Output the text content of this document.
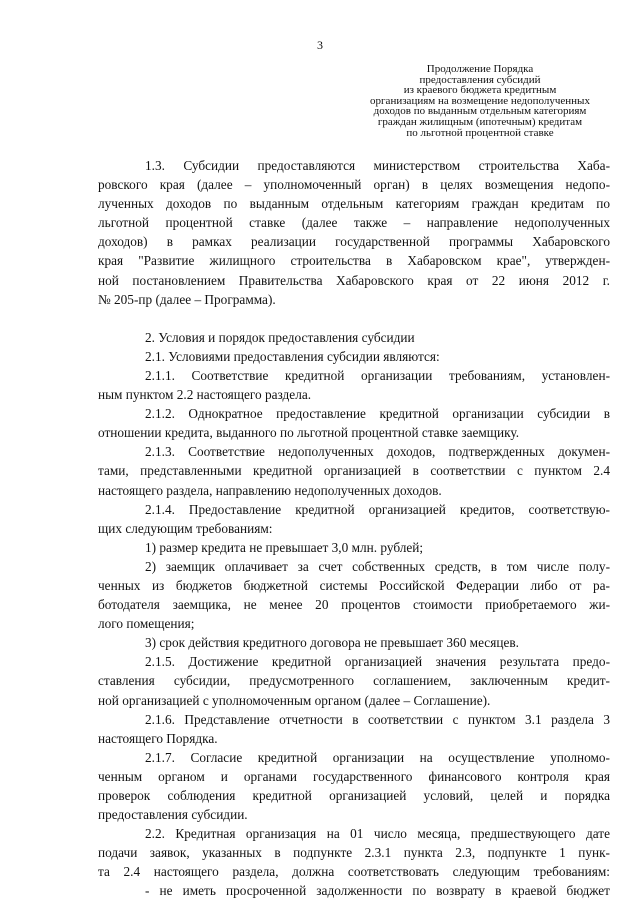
3
Продолжение Порядка
предоставления субсидий
из краевого бюджета кредитным
организациям на возмещение недополученных
доходов по выданным отдельным категориям
граждан жилищным (ипотечным) кредитам
по льготной процентной ставке

1.3. Субсидии предоставляются министерством строительства Хаба-
ровского края (далее – уполномоченный орган) в целях возмещения недопо-
лученных доходов по выданным отдельным категориям граждан кредитам по
льготной процентной ставке (далее также – направление недополученных
доходов) в рамках реализации государственной программы Хабаровского
края "Развитие жилищного строительства в Хабаровском крае", утвержден-
ной постановлением Правительства Хабаровского края от 22 июня 2012 г.
№ 205-пр (далее – Программа).

2. Условия и порядок предоставления субсидии

2.1. Условиями предоставления субсидии являются:

2.1.1. Соответствие кредитной организации требованиям, установлен-
ным пунктом 2.2 настоящего раздела.

2.1.2. Однократное предоставление кредитной организации субсидии в
отношении кредита, выданного по льготной процентной ставке заемщику.

2.1.3. Соответствие недополученных доходов, подтвержденных докумен-
тами, представленными кредитной организацией в соответствии с пунктом 2.4
настоящего раздела, направлению недополученных доходов.

2.1.4. Предоставление кредитной организацией кредитов, соответствую-
щих следующим требованиям:

1) размер кредита не превышает 3,0 млн. рублей;

2) заемщик оплачивает за счет собственных средств, в том числе полу-
ченных из бюджетов бюджетной системы Российской Федерации либо от ра-
ботодателя заемщика, не менее 20 процентов стоимости приобретаемого жи-
лого помещения;

3) срок действия кредитного договора не превышает 360 месяцев.

2.1.5. Достижение кредитной организацией значения результата предо-
ставления субсидии, предусмотренного соглашением, заключенным кредит-
ной организацией с уполномоченным органом (далее – Соглашение).

2.1.6. Представление отчетности в соответствии с пунктом 3.1 раздела 3
настоящего Порядка.

2.1.7. Согласие кредитной организации на осуществление уполномо-
ченным органом и органами государственного финансового контроля края
проверок соблюдения кредитной организацией условий, целей и порядка
предоставления субсидии.

2.2. Кредитная организация на 01 число месяца, предшествующего дате
подачи заявок, указанных в подпункте 2.3.1 пункта 2.3, подпункте 1 пунк-
та 2.4 настоящего раздела, должна соответствовать следующим требованиям:

- не иметь просроченной задолженности по возврату в краевой бюджет
